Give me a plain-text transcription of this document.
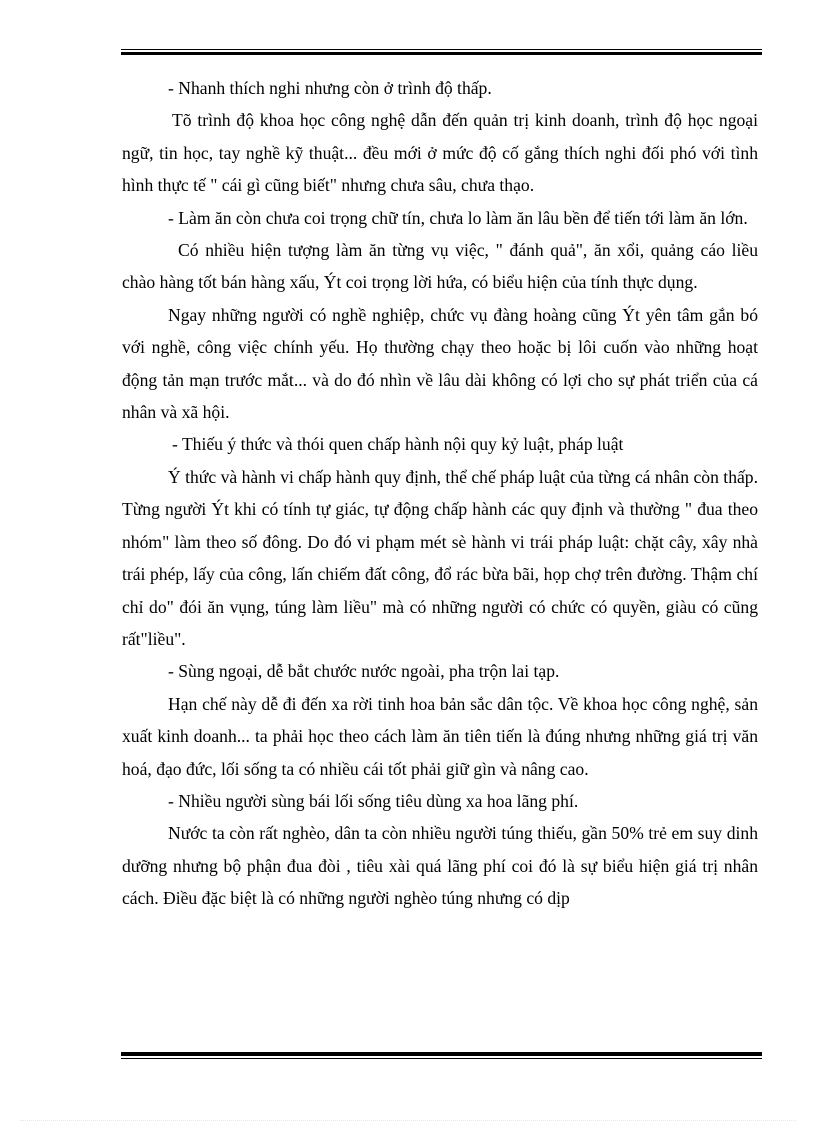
- Nhanh thích nghi nhưng còn ở trình độ thấp.

Tõ trình độ khoa học công nghệ dẫn đến quản trị kinh doanh, trình độ học ngoại ngữ, tin học, tay nghề kỹ thuật... đều mới ở mức độ cố gắng thích nghi đối phó với tình hình thực tế " cái gì cũng biết" nhưng chưa sâu, chưa thạo.

- Làm ăn còn chưa coi trọng chữ tín, chưa lo làm ăn lâu bền để tiến tới làm ăn lớn.

Có nhiều hiện tượng làm ăn từng vụ việc, " đánh quả", ăn xổi, quảng cáo liều chào hàng tốt bán hàng xấu, Ýt coi trọng lời hứa, có biểu hiện của tính thực dụng.

Ngay những người có nghề nghiệp, chức vụ đàng hoàng cũng Ýt yên tâm gắn bó với nghề, công việc chính yếu. Họ thường chạy theo hoặc bị lôi cuốn vào những hoạt động tản mạn trước mắt... và do đó nhìn về lâu dài không có lợi cho sự phát triển của cá nhân và xã hội.

- Thiếu ý thức và thói quen chấp hành nội quy kỷ luật, pháp luật

Ý thức và hành vi chấp hành quy định, thể chế pháp luật của từng cá nhân còn thấp. Từng người Ýt khi có tính tự giác, tự động chấp hành các quy định và thường " đua theo nhóm" làm theo số đông. Do đó vi phạm mét sè hành vi trái pháp luật: chặt cây, xây nhà trái phép, lấy của công, lấn chiếm đất công, đổ rác bừa bãi, họp chợ trên đường. Thậm chí chỉ do" đói ăn vụng, túng làm liều" mà có những người có chức có quyền, giàu có cũng rất"liều".

- Sùng ngoại, dễ bắt chước nước ngoài, pha trộn lai tạp.

Hạn chế này dễ đi đến xa rời tinh hoa bản sắc dân tộc. Về khoa học công nghệ, sản xuất kinh doanh... ta phải học theo cách làm ăn tiên tiến là đúng nhưng những giá trị văn hoá, đạo đức, lối sống ta có nhiều cái tốt phải giữ gìn và nâng cao.

- Nhiều người sùng bái lối sống tiêu dùng xa hoa lãng phí.

Nước ta còn rất nghèo, dân ta còn nhiều người túng thiếu, gần 50% trẻ em suy dinh dưỡng nhưng bộ phận đua đòi , tiêu xài quá lãng phí coi đó là sự biểu hiện giá trị nhân cách. Điều đặc biệt là có những người nghèo túng nhưng có dịp
